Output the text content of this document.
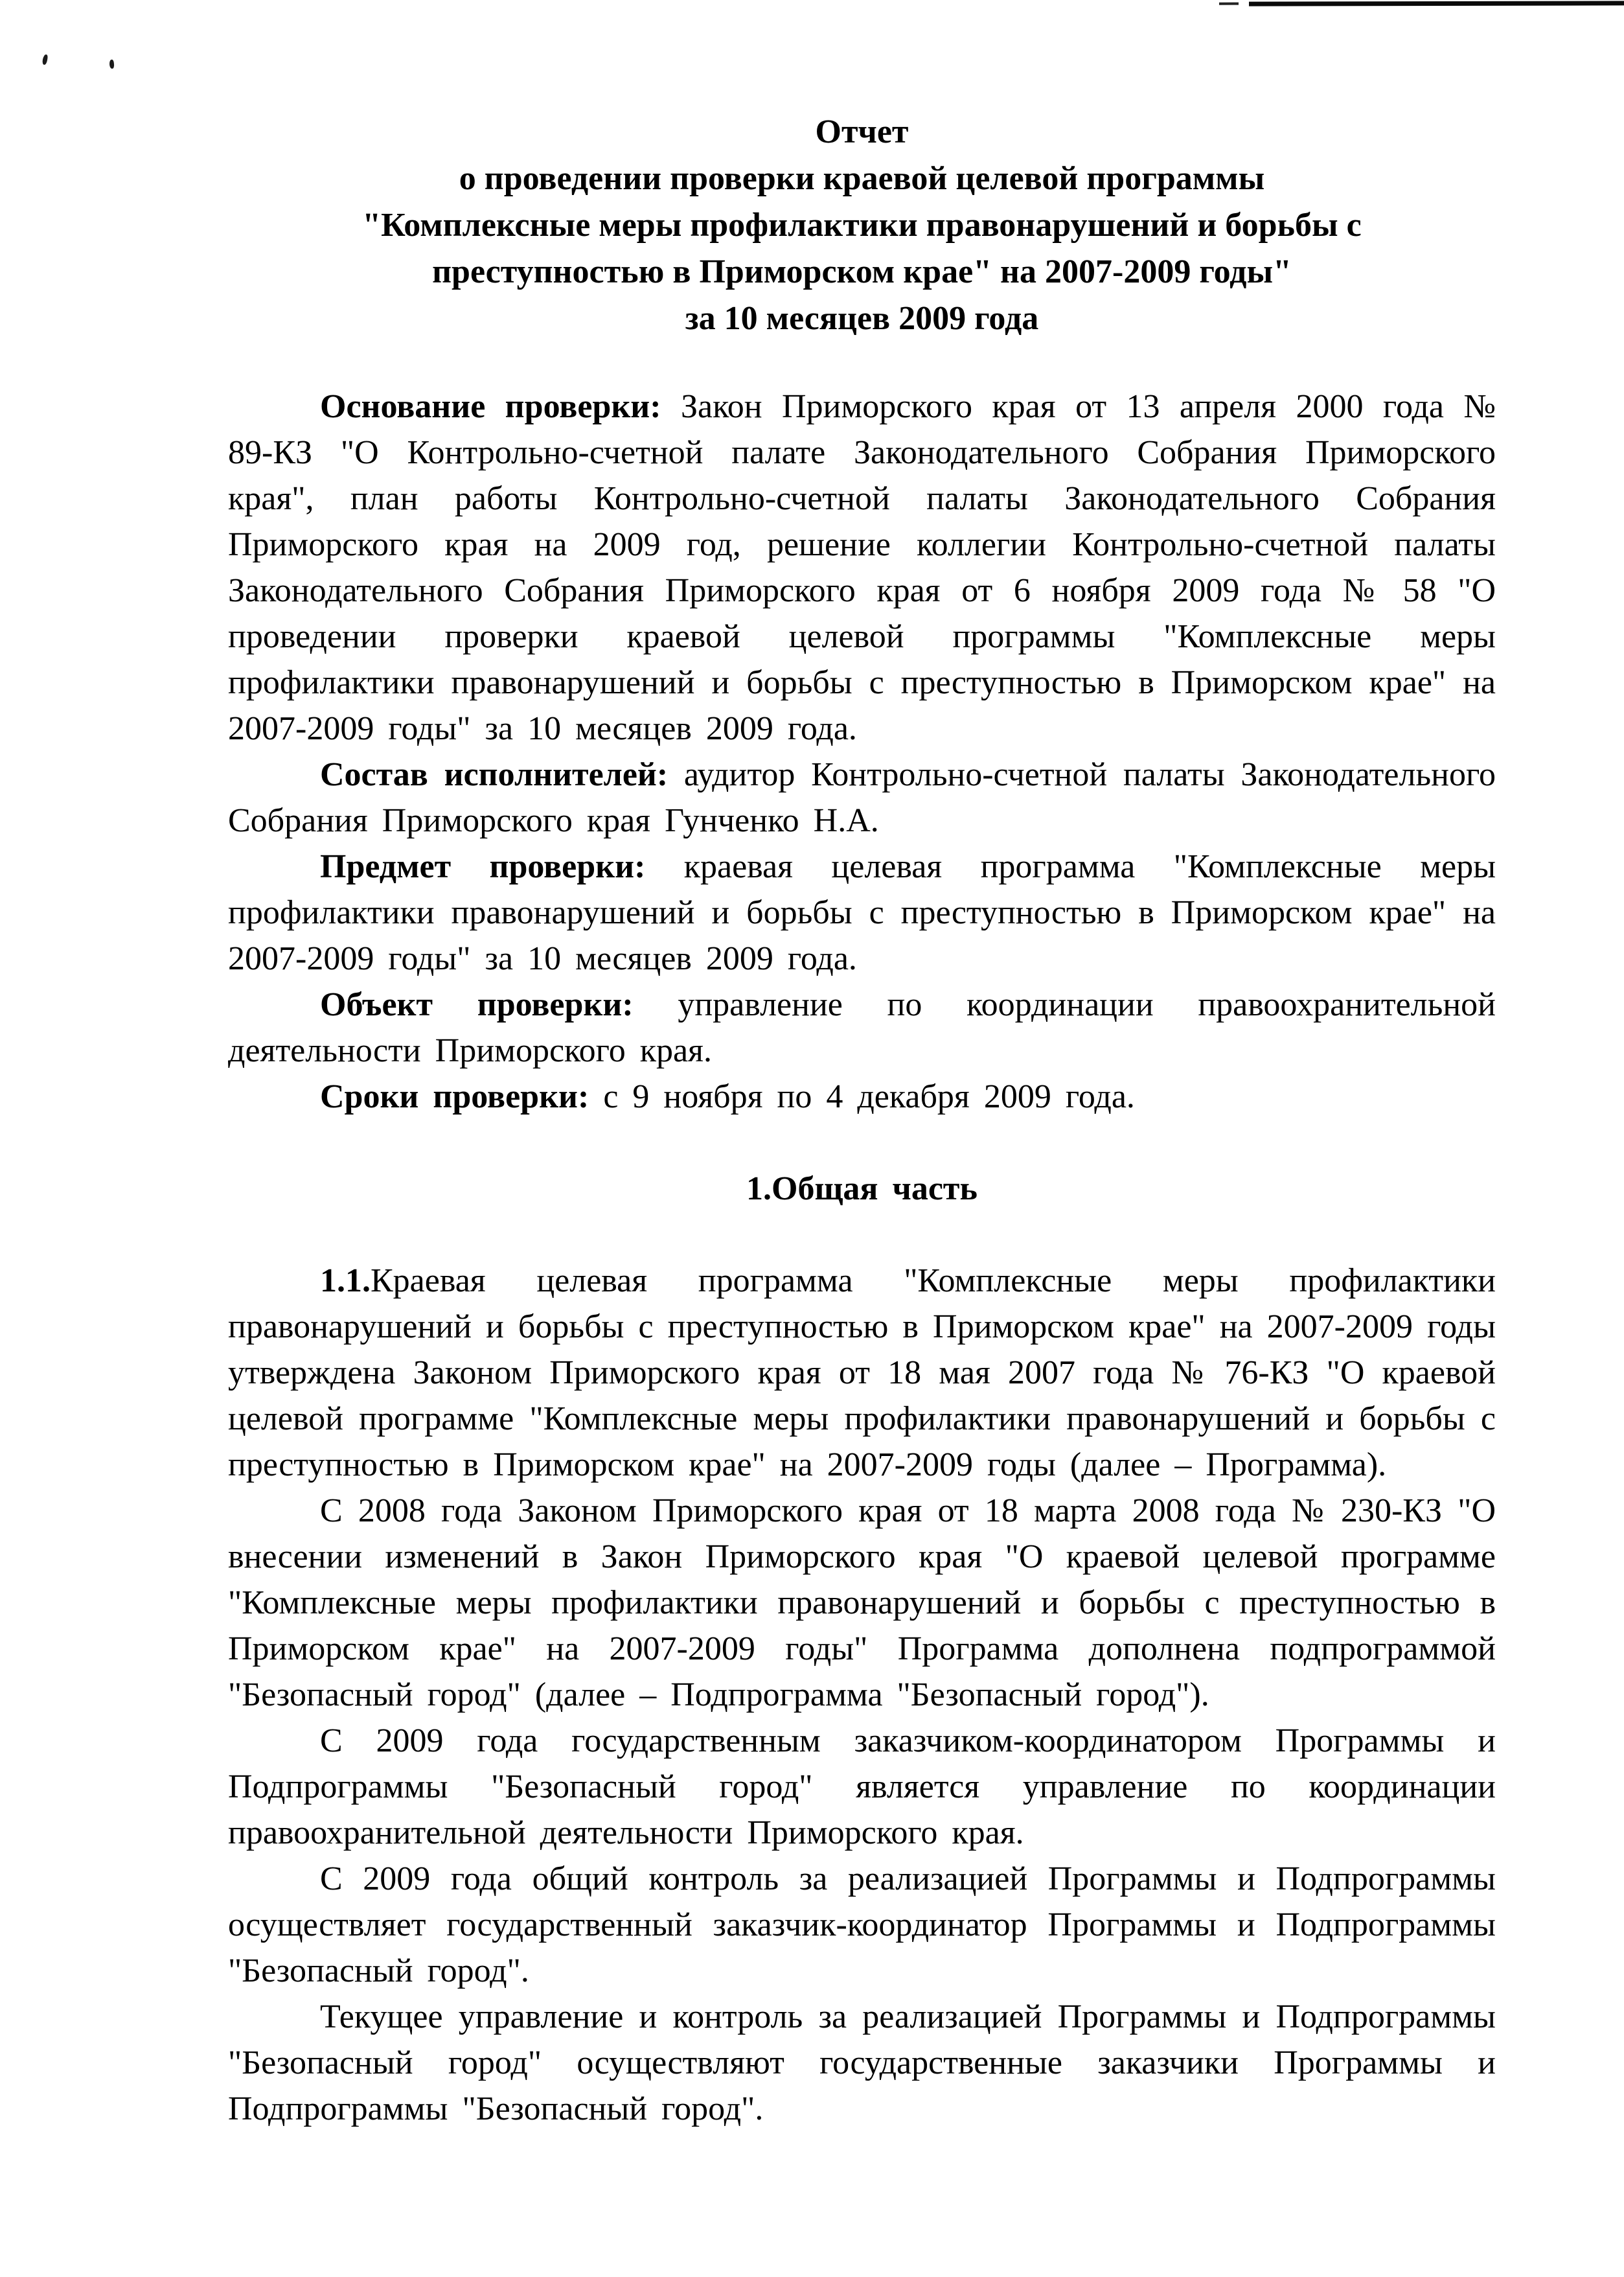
Отчет
о проведении проверки краевой целевой программы
"Комплексные меры профилактики правонарушений и борьбы с
преступностью в Приморском крае" на 2007-2009 годы"
за 10 месяцев 2009 года

Основание проверки: Закон Приморского края от 13 апреля 2000 года № 89-КЗ "О Контрольно-счетной палате Законодательного Собрания Приморского края", план работы Контрольно-счетной палаты Законодательного Собрания Приморского края на 2009 год, решение коллегии Контрольно-счетной палаты Законодательного Собрания Приморского края от 6 ноября 2009 года № 58 "О проведении проверки краевой целевой программы "Комплексные меры профилактики правонарушений и борьбы с преступностью в Приморском крае" на 2007-2009 годы" за 10 месяцев 2009 года.

Состав исполнителей: аудитор Контрольно-счетной палаты Законодательного Собрания Приморского края Гунченко Н.А.

Предмет проверки: краевая целевая программа "Комплексные меры профилактики правонарушений и борьбы с преступностью в Приморском крае" на 2007-2009 годы" за 10 месяцев 2009 года.

Объект проверки: управление по координации правоохранительной деятельности Приморского края.

Сроки проверки: с 9 ноября по 4 декабря 2009 года.

1.Общая часть

1.1.Краевая целевая программа "Комплексные меры профилактики правонарушений и борьбы с преступностью в Приморском крае" на 2007-2009 годы утверждена Законом Приморского края от 18 мая 2007 года № 76-КЗ "О краевой целевой программе "Комплексные меры профилактики правонарушений и борьбы с преступностью в Приморском крае" на 2007-2009 годы (далее – Программа).

С 2008 года Законом Приморского края от 18 марта 2008 года № 230-КЗ "О внесении изменений в Закон Приморского края "О краевой целевой программе "Комплексные меры профилактики правонарушений и борьбы с преступностью в Приморском крае" на 2007-2009 годы" Программа дополнена подпрограммой "Безопасный город" (далее – Подпрограмма "Безопасный город").

С 2009 года государственным заказчиком-координатором Программы и Подпрограммы "Безопасный город" является управление по координации правоохранительной деятельности Приморского края.

С 2009 года общий контроль за реализацией Программы и Подпрограммы осуществляет государственный заказчик-координатор Программы и Подпрограммы "Безопасный город".

Текущее управление и контроль за реализацией Программы и Подпрограммы "Безопасный город" осуществляют государственные заказчики Программы и Подпрограммы "Безопасный город".
